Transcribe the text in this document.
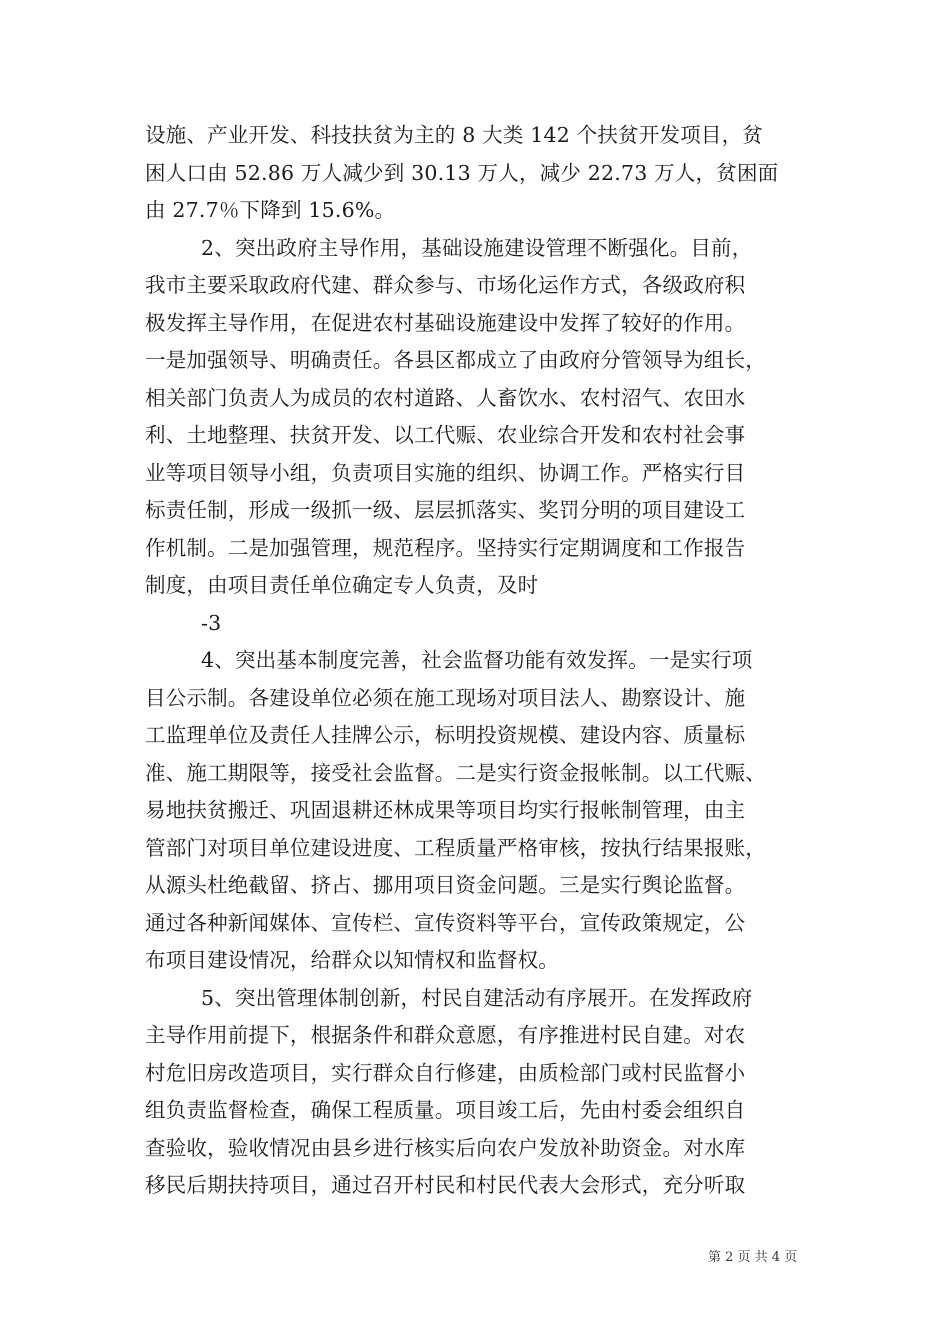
设施、产业开发、科技扶贫为主的 8 大类 142 个扶贫开发项目，贫
困人口由 52.86 万人减少到 30.13 万人，减少 22.73 万人，贫困面
由 27.7％下降到 15.6%。
2、突出政府主导作用，基础设施建设管理不断强化。目前，
我市主要采取政府代建、群众参与、市场化运作方式，各级政府积
极发挥主导作用，在促进农村基础设施建设中发挥了较好的作用。
一是加强领导、明确责任。各县区都成立了由政府分管领导为组长，
相关部门负责人为成员的农村道路、人畜饮水、农村沼气、农田水
利、土地整理、扶贫开发、以工代赈、农业综合开发和农村社会事
业等项目领导小组，负责项目实施的组织、协调工作。严格实行目
标责任制，形成一级抓一级、层层抓落实、奖罚分明的项目建设工
作机制。二是加强管理，规范程序。坚持实行定期调度和工作报告
制度，由项目责任单位确定专人负责，及时
-3
4、突出基本制度完善，社会监督功能有效发挥。一是实行项
目公示制。各建设单位必须在施工现场对项目法人、勘察设计、施
工监理单位及责任人挂牌公示，标明投资规模、建设内容、质量标
准、施工期限等，接受社会监督。二是实行资金报帐制。以工代赈、
易地扶贫搬迁、巩固退耕还林成果等项目均实行报帐制管理，由主
管部门对项目单位建设进度、工程质量严格审核，按执行结果报账，
从源头杜绝截留、挤占、挪用项目资金问题。三是实行舆论监督。
通过各种新闻媒体、宣传栏、宣传资料等平台，宣传政策规定，公
布项目建设情况，给群众以知情权和监督权。
5、突出管理体制创新，村民自建活动有序展开。在发挥政府
主导作用前提下，根据条件和群众意愿，有序推进村民自建。对农
村危旧房改造项目，实行群众自行修建，由质检部门或村民监督小
组负责监督检查，确保工程质量。项目竣工后，先由村委会组织自
查验收，验收情况由县乡进行核实后向农户发放补助资金。对水库
移民后期扶持项目，通过召开村民和村民代表大会形式，充分听取
第 2 页 共 4 页
